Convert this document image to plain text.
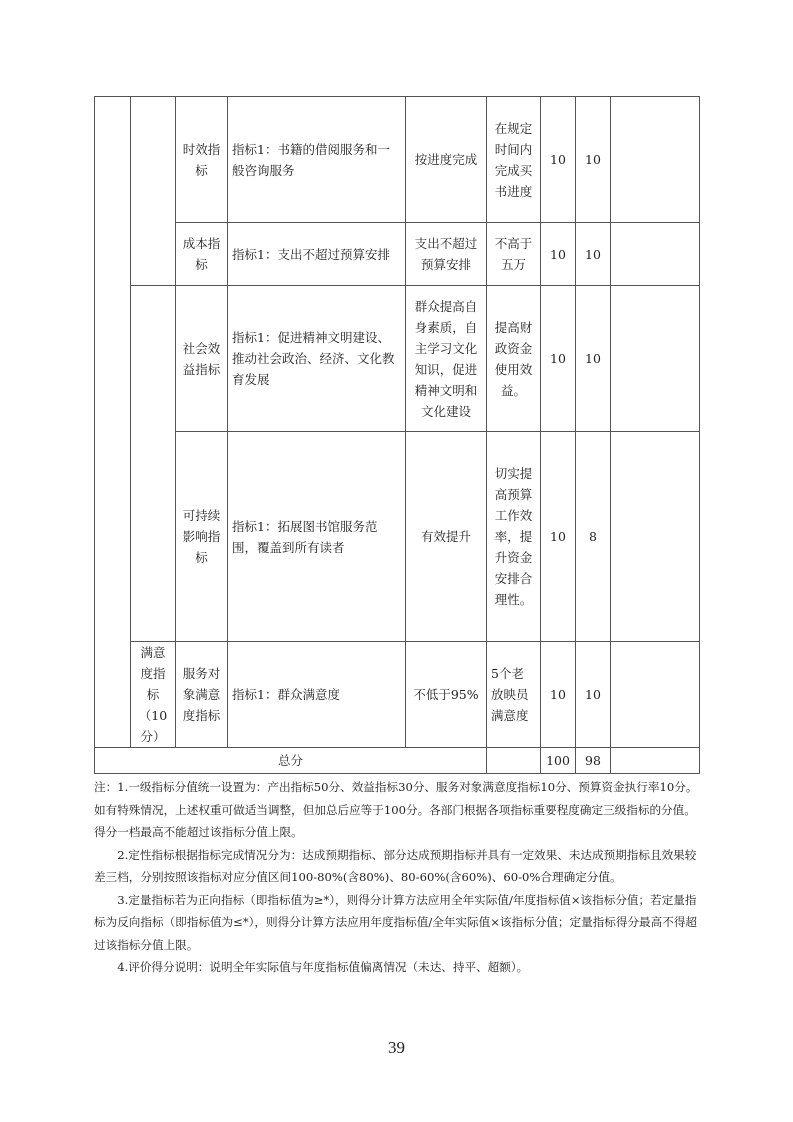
		时效指标	指标1：书籍的借阅服务和一般咨询服务	按进度完成	在规定时间内完成买书进度	10	10	
		成本指标	指标1：支出不超过预算安排	支出不超过预算安排	不高于五万	10	10	
		社会效益指标	指标1：促进精神文明建设、推动社会政治、经济、文化教育发展	群众提高自身素质，自主学习文化知识，促进精神文明和文化建设	提高财政资金使用效益。	10	10	
		可持续影响指标	指标1：拓展图书馆服务范围，覆盖到所有读者	有效提升	切实提高预算工作效率，提升资金安排合理性。	10	8	
	满意度指标（10分）	服务对象满意度指标	指标1：群众满意度	不低于95%	5个老放映员满意度	10	10	
总分						100	98	

注：1.一级指标分值统一设置为：产出指标50分、效益指标30分、服务对象满意度指标10分、预算资金执行率10分。如有特殊情况，上述权重可做适当调整，但加总后应等于100分。各部门根据各项指标重要程度确定三级指标的分值。得分一档最高不能超过该指标分值上限。

2.定性指标根据指标完成情况分为：达成预期指标、部分达成预期指标并具有一定效果、未达成预期指标且效果较差三档，分别按照该指标对应分值区间100-80%(含80%)、80-60%(含60%)、60-0%合理确定分值。

3.定量指标若为正向指标（即指标值为≥*），则得分计算方法应用全年实际值/年度指标值×该指标分值；若定量指标为反向指标（即指标值为≤*），则得分计算方法应用年度指标值/全年实际值×该指标分值；定量指标得分最高不得超过该指标分值上限。

4.评价得分说明：说明全年实际值与年度指标值偏离情况（未达、持平、超额）。

39
